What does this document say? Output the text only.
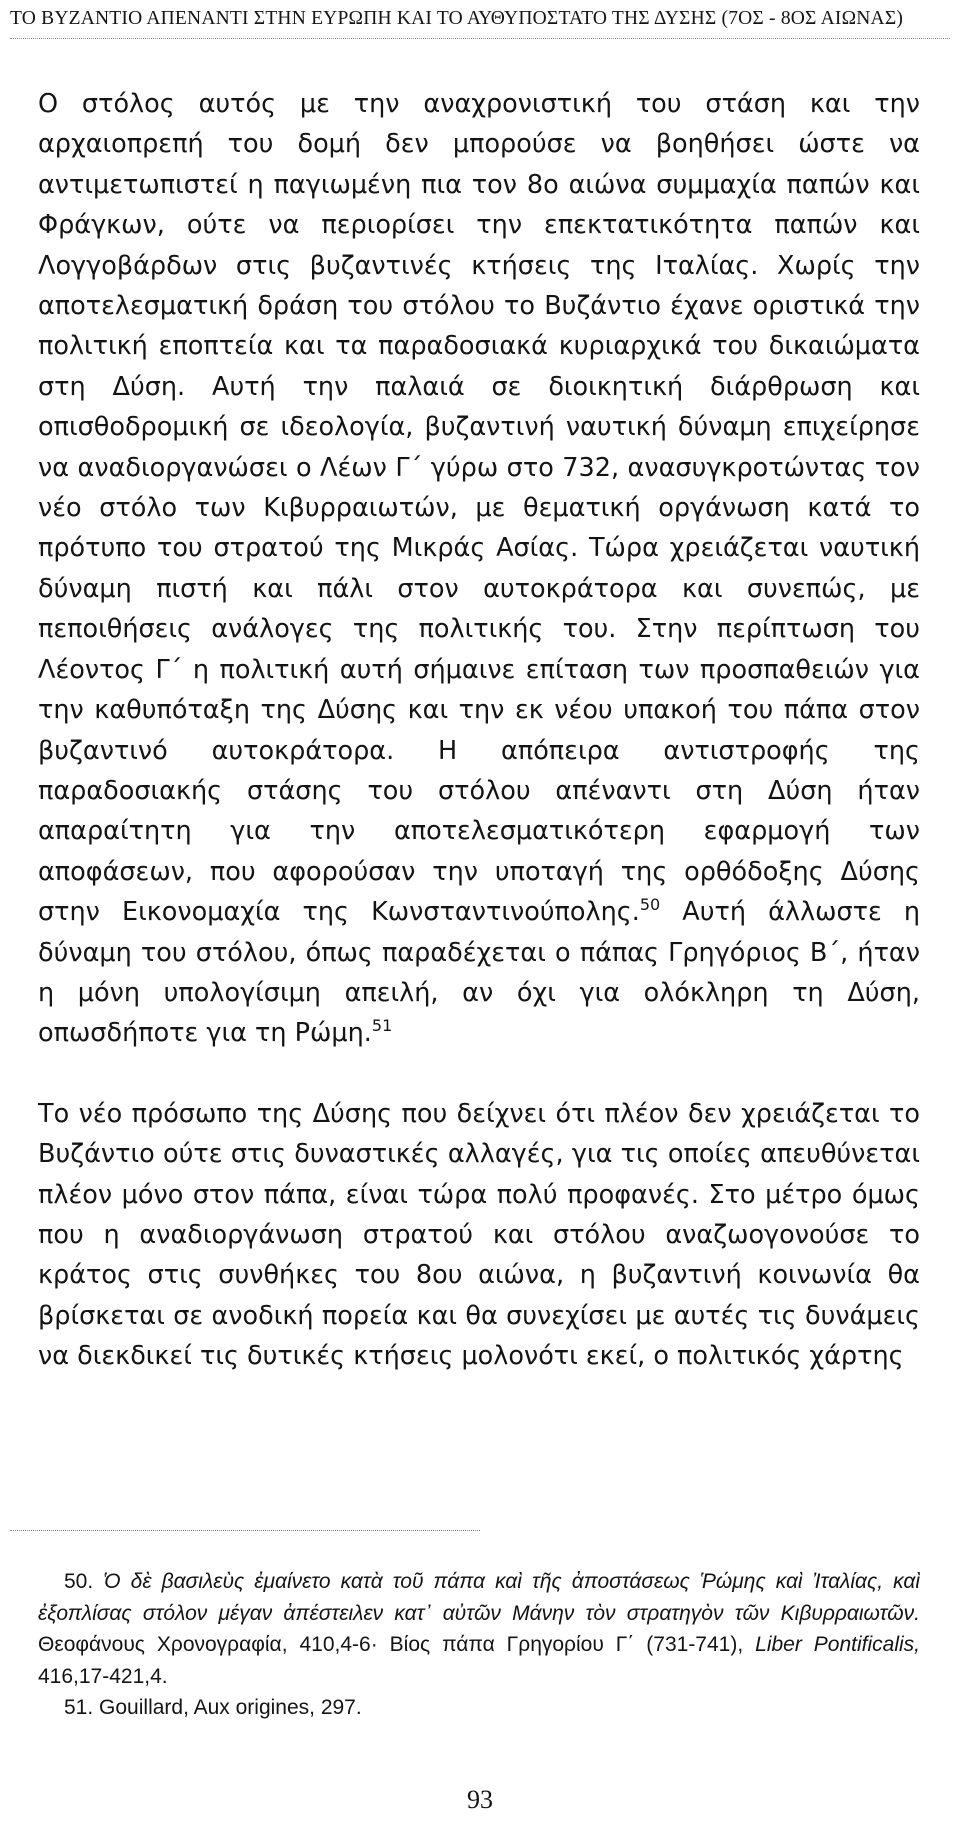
ΤΟ ΒΥΖΑΝΤΙΟ ΑΠΕΝΑΝΤΙ ΣΤΗΝ ΕΥΡΩΠΗ ΚΑΙ ΤΟ ΑΥΘΥΠΟΣΤΑΤΟ ΤΗΣ ΔΥΣΗΣ (7ΟΣ - 8ΟΣ ΑΙΩΝΑΣ)

Ο στόλος αυτός με την αναχρονιστική του στάση και την αρχαιοπρεπή του δομή δεν μπορούσε να βοηθήσει ώστε να αντιμετωπιστεί η παγιωμένη πια τον 8ο αιώνα συμμαχία παπών και Φράγκων, ούτε να περιορίσει την επεκτατικότητα παπών και Λογγοβάρδων στις βυζαντινές κτήσεις της Ιταλίας. Χωρίς την αποτελεσματική δράση του στόλου το Βυζάντιο έχανε οριστικά την πολιτική εποπτεία και τα παραδοσιακά κυριαρχικά του δικαιώματα στη Δύση. Αυτή την παλαιά σε διοικητική διάρθρωση και οπισθοδρομική σε ιδεολογία, βυζαντινή ναυτική δύναμη επιχείρησε να αναδιοργανώσει ο Λέων Γ΄ γύρω στο 732, ανασυγκροτώντας τον νέο στόλο των Κιβυρραιωτών, με θεματική οργάνωση κατά το πρότυπο του στρατού της Μικράς Ασίας. Τώρα χρειάζεται ναυτική δύναμη πιστή και πάλι στον αυτοκράτορα και συνεπώς, με πεποιθήσεις ανάλογες της πολιτικής του. Στην περίπτωση του Λέοντος Γ΄ η πολιτική αυτή σήμαινε επίταση των προσπαθειών για την καθυπόταξη της Δύσης και την εκ νέου υπακοή του πάπα στον βυζαντινό αυτοκράτορα. Η απόπειρα αντιστροφής της παραδοσιακής στάσης του στόλου απέναντι στη Δύση ήταν απαραίτητη για την αποτελεσματικότερη εφαρμογή των αποφάσεων, που αφορούσαν την υποταγή της ορθόδοξης Δύσης στην Εικονομαχία της Κωνσταντινούπολης.$^{50}$ Αυτή άλλωστε η δύναμη του στόλου, όπως παραδέχεται ο πάπας Γρηγόριος Β΄, ήταν η μόνη υπολογίσιμη απειλή, αν όχι για ολόκληρη τη Δύση, οπωσδήποτε για τη Ρώμη.$^{51}$

Το νέο πρόσωπο της Δύσης που δείχνει ότι πλέον δεν χρειάζεται το Βυζάντιο ούτε στις δυναστικές αλλαγές, για τις οποίες απευθύνεται πλέον μόνο στον πάπα, είναι τώρα πολύ προφανές. Στο μέτρο όμως που η αναδιοργάνωση στρατού και στόλου αναζωογονούσε το κράτος στις συνθήκες του 8ου αιώνα, η βυζαντινή κοινωνία θα βρίσκεται σε ανοδική πορεία και θα συνεχίσει με αυτές τις δυνάμεις να διεκδικεί τις δυτικές κτήσεις μολονότι εκεί, ο πολιτικός χάρτης

50. Ὁ δὲ βασιλεὺς ἐμαίνετο κατὰ τοῦ πάπα καὶ τῆς ἀποστάσεως Ῥώμης καὶ Ἰταλίας, καὶ ἐξοπλίσας στόλον μέγαν ἀπέστειλεν κατ᾽ αὐτῶν Μάνην τὸν στρατηγὸν τῶν Κιβυρραιωτῶν. Θεοφάνους Χρονογραφία, 410,4-6· Βίος πάπα Γρηγορίου Γ΄ (731-741), Liber Pontificalis, 416,17-421,4.

51. Gouillard, Aux origines, 297.

93
